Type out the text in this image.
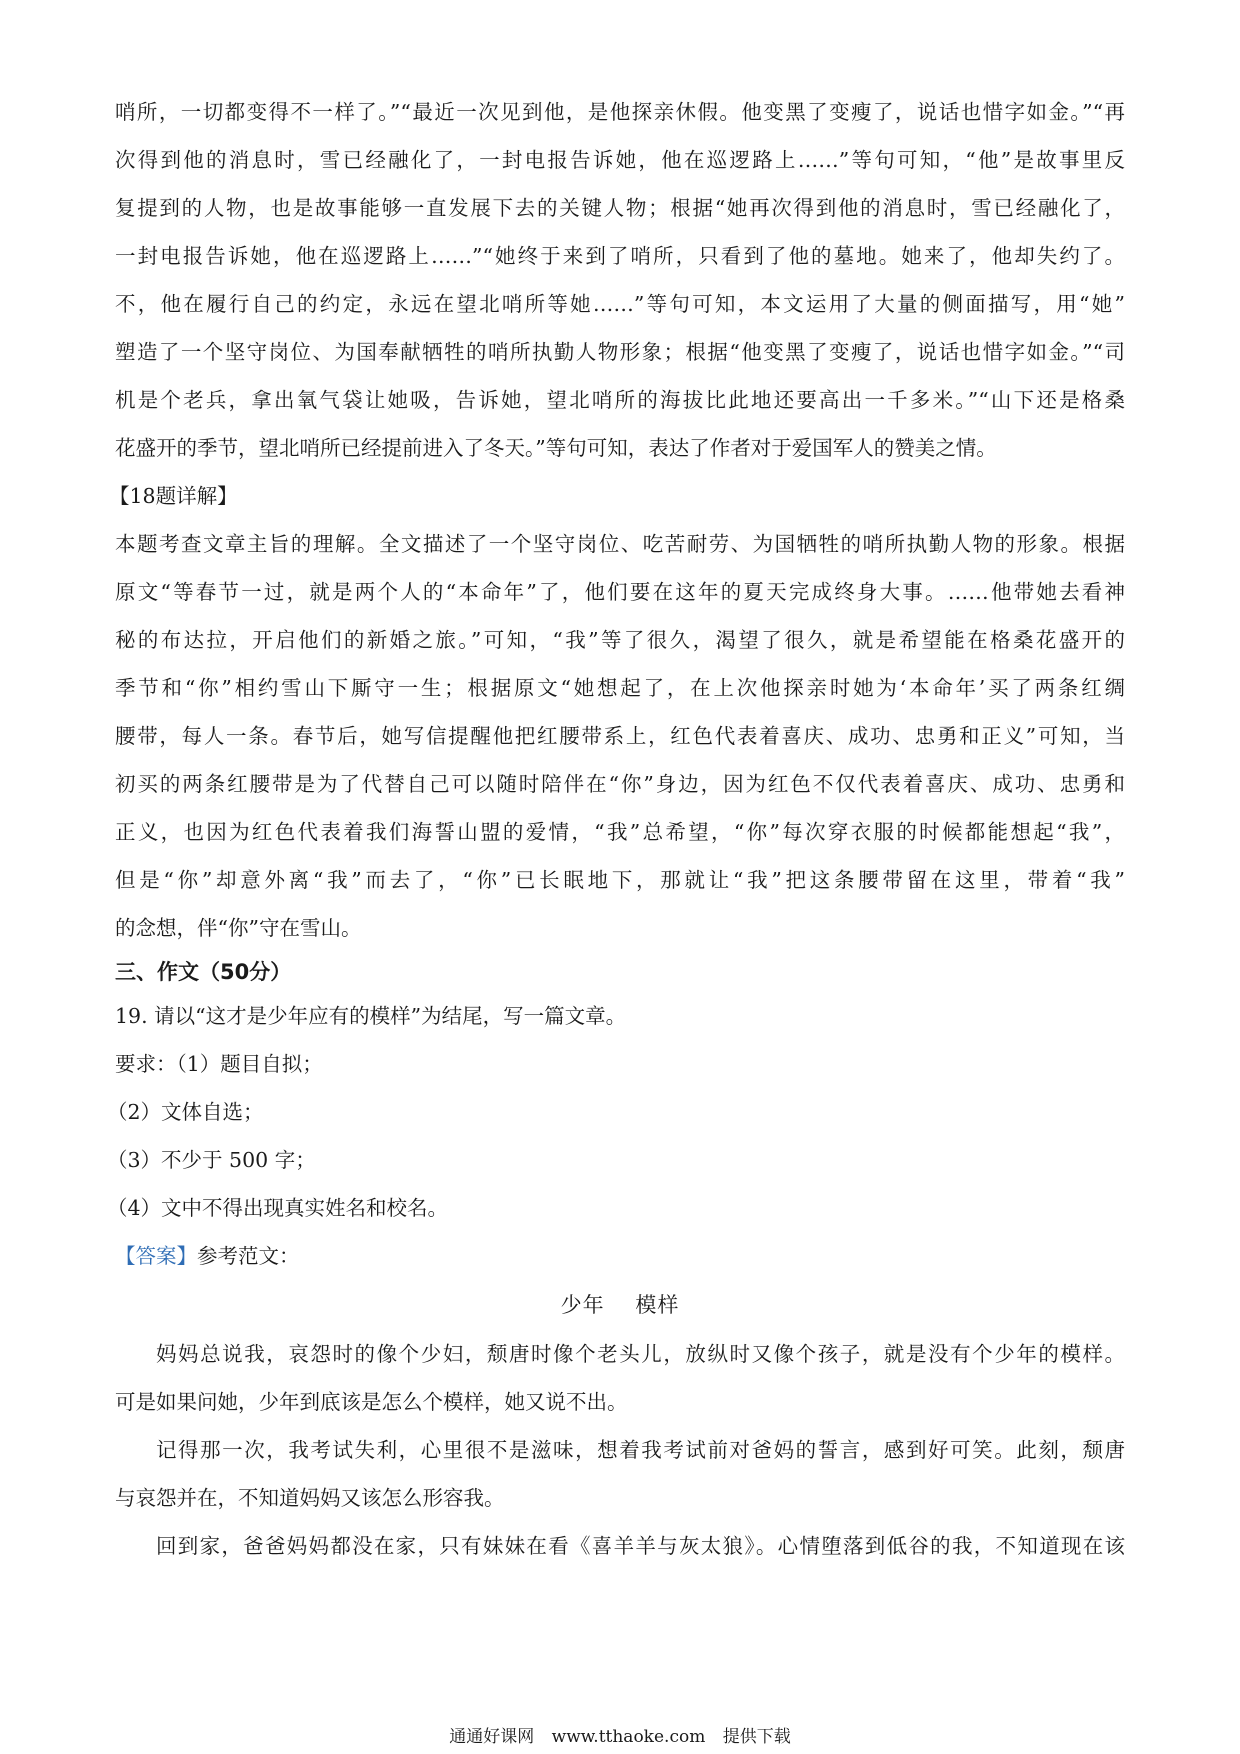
哨所，一切都变得不一样了。”“最近一次见到他，是他探亲休假。他变黑了变瘦了，说话也惜字如金。”“再

次得到他的消息时，雪已经融化了，一封电报告诉她，他在巡逻路上……”等句可知，“他”是故事里反

复提到的人物，也是故事能够一直发展下去的关键人物；根据“她再次得到他的消息时，雪已经融化了，

一封电报告诉她，他在巡逻路上……”“她终于来到了哨所，只看到了他的墓地。她来了，他却失约了。

不，他在履行自己的约定，永远在望北哨所等她……”等句可知，本文运用了大量的侧面描写，用“她”

塑造了一个坚守岗位、为国奉献牺牲的哨所执勤人物形象；根据“他变黑了变瘦了，说话也惜字如金。”“司

机是个老兵，拿出氧气袋让她吸，告诉她，望北哨所的海拔比此地还要高出一千多米。”“山下还是格桑

花盛开的季节，望北哨所已经提前进入了冬天。”等句可知，表达了作者对于爱国军人的赞美之情。

【18题详解】

本题考查文章主旨的理解。全文描述了一个坚守岗位、吃苦耐劳、为国牺牲的哨所执勤人物的形象。根据

原文“等春节一过，就是两个人的“本命年”了，他们要在这年的夏天完成终身大事。……他带她去看神

秘的布达拉，开启他们的新婚之旅。”可知，“我”等了很久，渴望了很久，就是希望能在格桑花盛开的

季节和“你”相约雪山下厮守一生；根据原文“她想起了，在上次他探亲时她为‘本命年’买了两条红绸

腰带，每人一条。春节后，她写信提醒他把红腰带系上，红色代表着喜庆、成功、忠勇和正义”可知，当

初买的两条红腰带是为了代替自己可以随时陪伴在“你”身边，因为红色不仅代表着喜庆、成功、忠勇和

正义，也因为红色代表着我们海誓山盟的爱情，“我”总希望，“你”每次穿衣服的时候都能想起“我”，

但是“你”却意外离“我”而去了，“你”已长眠地下，那就让“我”把这条腰带留在这里，带着“我”

的念想，伴“你”守在雪山。

三、作文（50分）

19. 请以“这才是少年应有的模样”为结尾，写一篇文章。

要求：（1）题目自拟；

（2）文体自选；

（3）不少于 500 字；

（4）文中不得出现真实姓名和校名。

【答案】参考范文：

少年    模样

妈妈总说我，哀怨时的像个少妇，颓唐时像个老头儿，放纵时又像个孩子，就是没有个少年的模样。

可是如果问她，少年到底该是怎么个模样，她又说不出。

记得那一次，我考试失利，心里很不是滋味，想着我考试前对爸妈的誓言，感到好可笑。此刻，颓唐

与哀怨并在，不知道妈妈又该怎么形容我。

回到家，爸爸妈妈都没在家，只有妹妹在看《喜羊羊与灰太狼》。心情堕落到低谷的我，不知道现在该

通通好课网 www.tthaoke.com 提供下载
